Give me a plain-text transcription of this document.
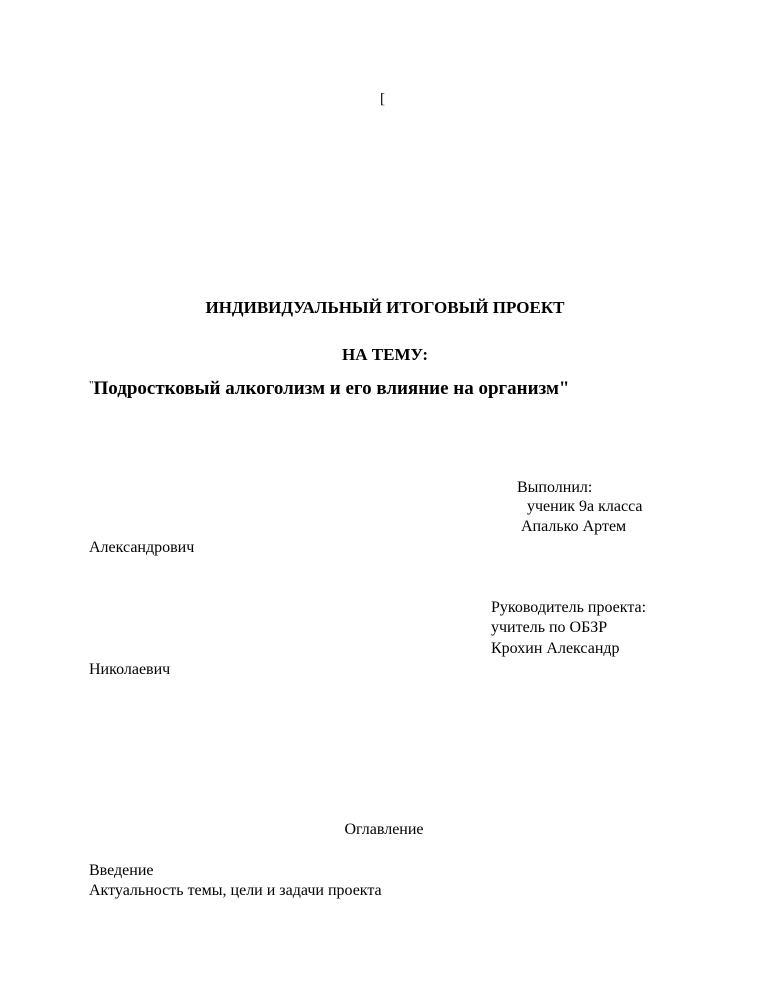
[
ИНДИВИДУАЛЬНЫЙ ИТОГОВЫЙ ПРОЕКТ
НА ТЕМУ:
"Подростковый алкоголизм и его влияние на организм"
Выполнил:
ученик 9а класса
Апалько Артем
Александрович
Руководитель проекта:
учитель по ОБЗР
Крохин Александр
Николаевич
Оглавление
Введение
Актуальность темы, цели и задачи проекта
